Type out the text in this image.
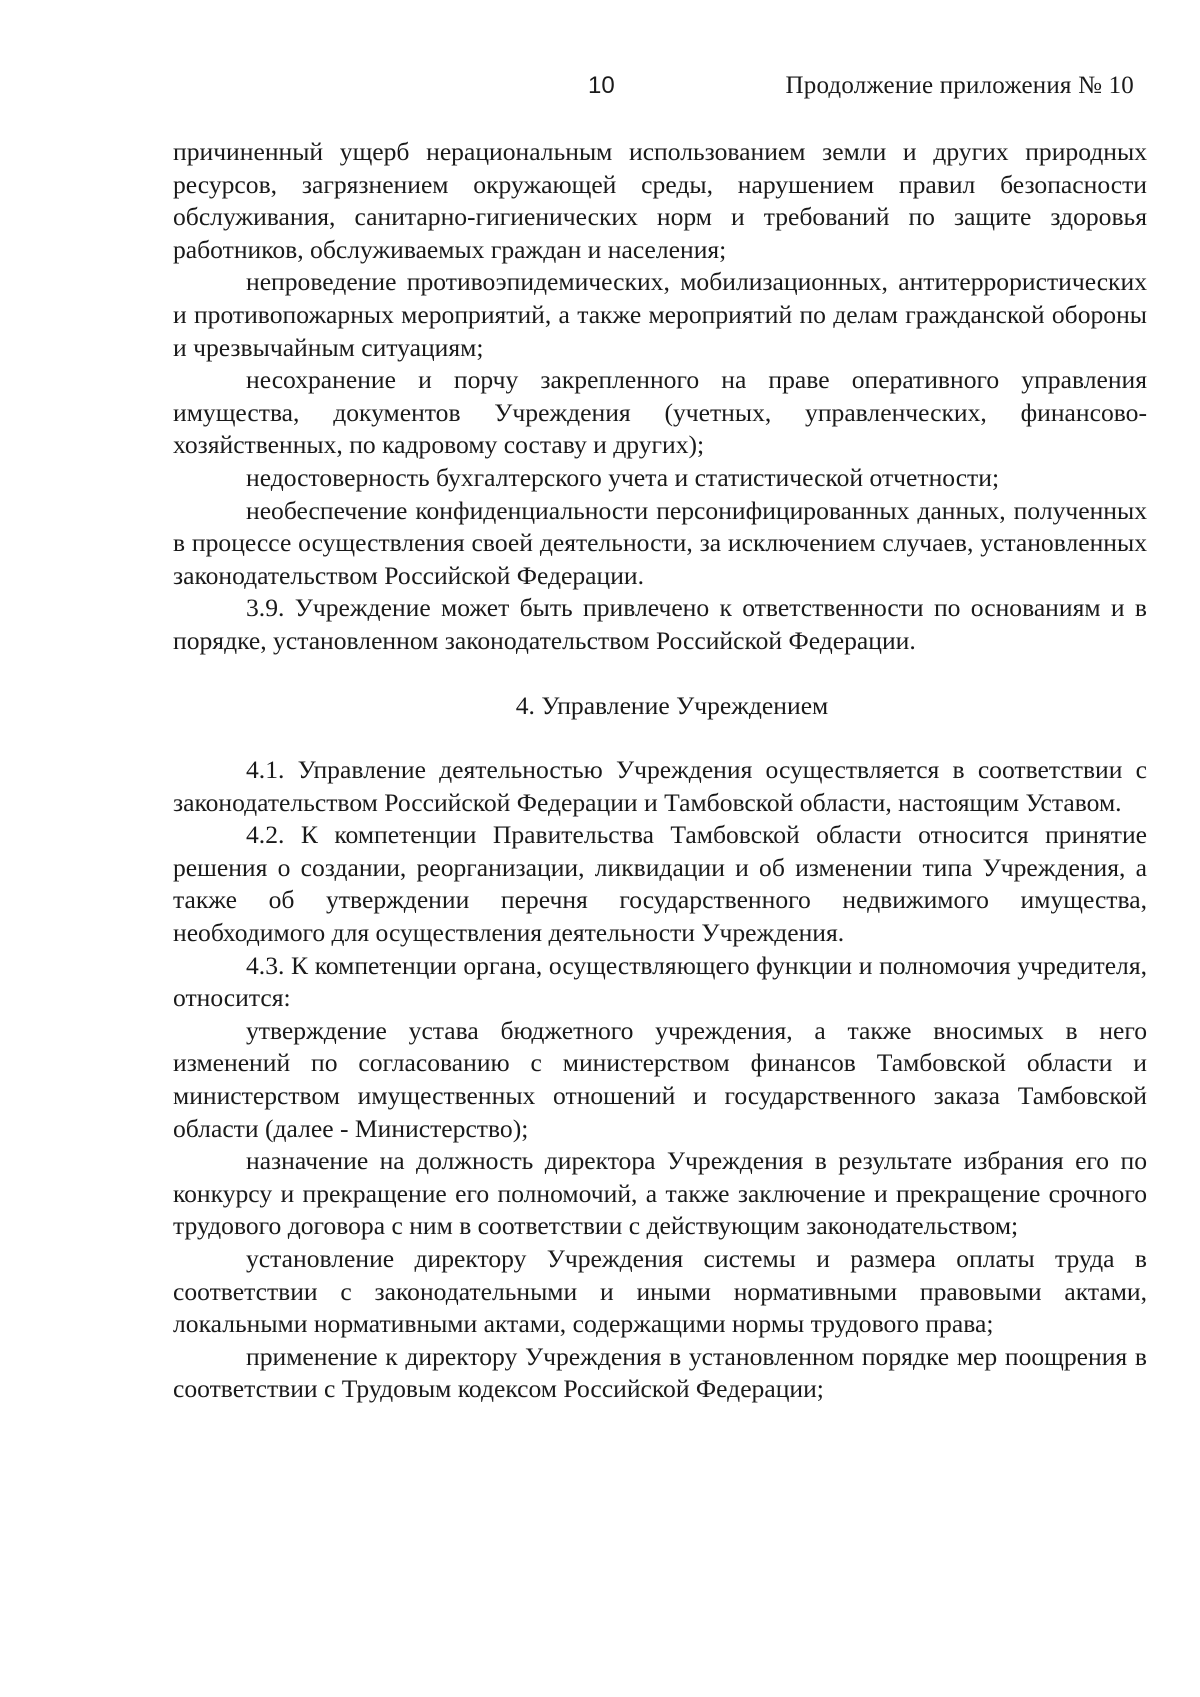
10	Продолжение приложения № 10

причиненный ущерб нерациональным использованием земли и других природных ресурсов, загрязнением окружающей среды, нарушением правил безопасности обслуживания, санитарно-гигиенических норм и требований по защите здоровья работников, обслуживаемых граждан и населения;

непроведение противоэпидемических, мобилизационных, антитеррористических и противопожарных мероприятий, а также мероприятий по делам гражданской обороны и чрезвычайным ситуациям;

несохранение и порчу закрепленного на праве оперативного управления имущества, документов Учреждения (учетных, управленческих, финансово-хозяйственных, по кадровому составу и других);

недостоверность бухгалтерского учета и статистической отчетности;

необеспечение конфиденциальности персонифицированных данных, полученных в процессе осуществления своей деятельности, за исключением случаев, установленных законодательством Российской Федерации.

3.9. Учреждение может быть привлечено к ответственности по основаниям и в порядке, установленном законодательством Российской Федерации.

4. Управление Учреждением

4.1. Управление деятельностью Учреждения осуществляется в соответствии с законодательством Российской Федерации и Тамбовской области, настоящим Уставом.

4.2. К компетенции Правительства Тамбовской области относится принятие решения о создании, реорганизации, ликвидации и об изменении типа Учреждения, а также об утверждении перечня государственного недвижимого имущества, необходимого для осуществления деятельности Учреждения.

4.3. К компетенции органа, осуществляющего функции и полномочия учредителя, относится:

утверждение устава бюджетного учреждения, а также вносимых в него изменений по согласованию с министерством финансов Тамбовской области и министерством имущественных отношений и государственного заказа Тамбовской области (далее - Министерство);

назначение на должность директора Учреждения в результате избрания его по конкурсу и прекращение его полномочий, а также заключение и прекращение срочного трудового договора с ним в соответствии с действующим законодательством;

установление директору Учреждения системы и размера оплаты труда в соответствии с законодательными и иными нормативными правовыми актами, локальными нормативными актами, содержащими нормы трудового права;

применение к директору Учреждения в установленном порядке мер поощрения в соответствии с Трудовым кодексом Российской Федерации;
